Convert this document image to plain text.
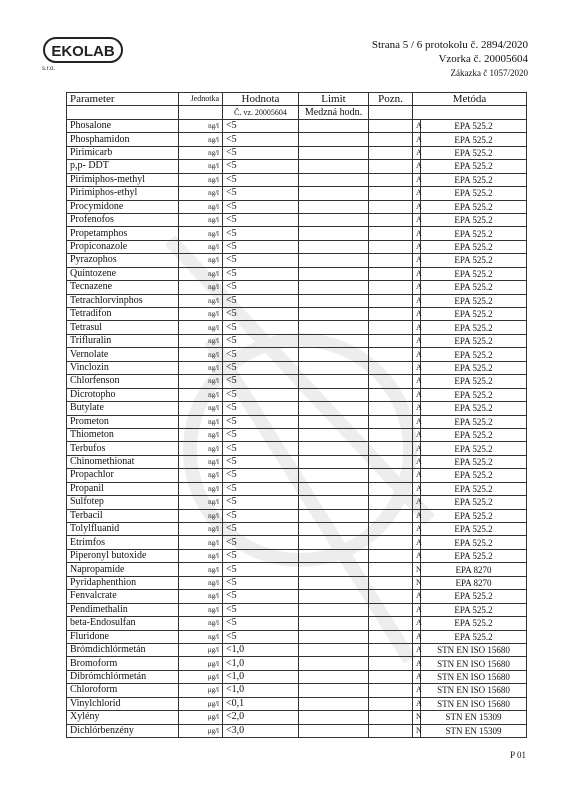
EKOLAB
s.r.o.
Strana 5 / 6 protokolu č. 2894/2020
Vzorka č. 20005604
Zákazka č 1057/2020
Parameter	Jednotka	Hodnota	Limit	Pozn.	Metóda	
		Č. vz. 20005604	Medzná hodn.			
Phosalone	ng/l	<5			A	EPA 525.2
Phosphamidon	ng/l	<5			A	EPA 525.2
Pirimicarb	ng/l	<5			A	EPA 525.2
p,p- DDT	ng/l	<5			A	EPA 525.2
Pirimiphos-methyl	ng/l	<5			A	EPA 525.2
Pirimiphos-ethyl	ng/l	<5			A	EPA 525.2
Procymidone	ng/l	<5			A	EPA 525.2
Profenofos	ng/l	<5			A	EPA 525.2
Propetamphos	ng/l	<5			A	EPA 525.2
Propiconazole	ng/l	<5			A	EPA 525.2
Pyrazophos	ng/l	<5			A	EPA 525.2
Quintozene	ng/l	<5			A	EPA 525.2
Tecnazene	ng/l	<5			A	EPA 525.2
Tetrachlorvinphos	ng/l	<5			A	EPA 525.2
Tetradifon	ng/l	<5			A	EPA 525.2
Tetrasul	ng/l	<5			A	EPA 525.2
Trifluralin	ng/l	<5			A	EPA 525.2
Vernolate	ng/l	<5			A	EPA 525.2
Vinclozin	ng/l	<5			A	EPA 525.2
Chlorfenson	ng/l	<5			A	EPA 525.2
Dicrotopho	ng/l	<5			A	EPA 525.2
Butylate	ng/l	<5			A	EPA 525.2
Prometon	ng/l	<5			A	EPA 525.2
Thiometon	ng/l	<5			A	EPA 525.2
Terbufos	ng/l	<5			A	EPA 525.2
Chinomethionat	ng/l	<5			A	EPA 525.2
Propachlor	ng/l	<5			A	EPA 525.2
Propanil	ng/l	<5			A	EPA 525.2
Sulfotep	ng/l	<5			A	EPA 525.2
Terbacil	ng/l	<5			A	EPA 525.2
Tolylfluanid	ng/l	<5			A	EPA 525.2
Etrimfos	ng/l	<5			A	EPA 525.2
Piperonyl butoxide	ng/l	<5			A	EPA 525.2
Napropamide	ng/l	<5			N	EPA 8270
Pyridaphenthion	ng/l	<5			N	EPA 8270
Fenvalcrate	ng/l	<5			A	EPA 525.2
Pendimethalin	ng/l	<5			A	EPA 525.2
beta-Endosulfan	ng/l	<5			A	EPA 525.2
Fluridone	ng/l	<5			A	EPA 525.2
Brómdichlórmetán	µg/l	<1,0			A	STN EN ISO 15680
Bromoform	µg/l	<1,0			A	STN EN ISO 15680
Dibrómchlórmetán	µg/l	<1,0			A	STN EN ISO 15680
Chloroform	µg/l	<1,0			A	STN EN ISO 15680
Vinylchlorid	µg/l	<0,1			A	STN EN ISO 15680
Xylény	µg/l	<2,0			N	STN EN 15309
Dichlórbenzény	µg/l	<3,0			N	STN EN 15309
P 01
